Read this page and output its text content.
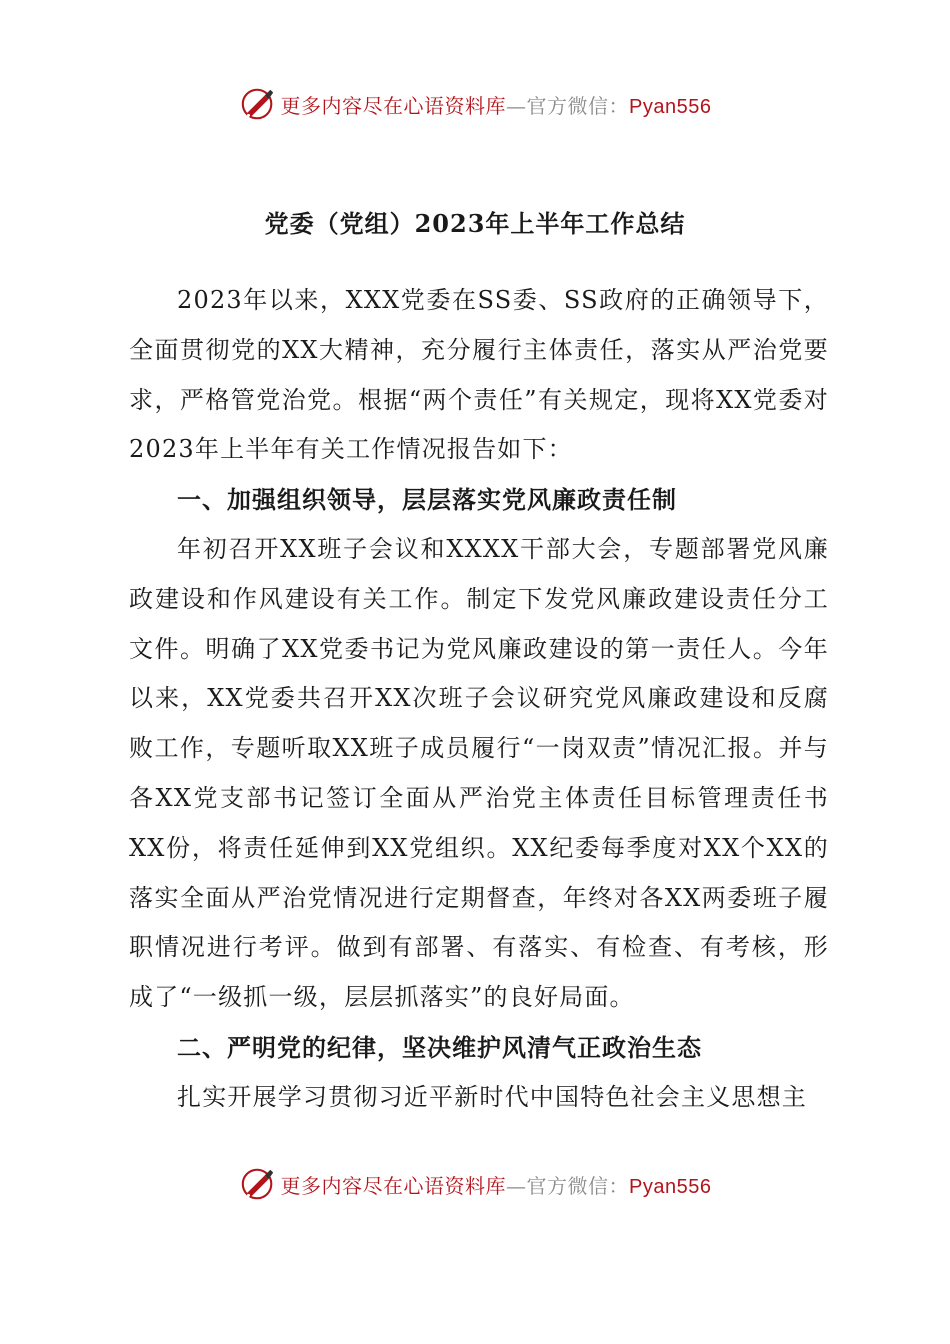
更多内容尽在心语资料库—官方微信：Pyan556
党委（党组）2023年上半年工作总结

2023年以来，XXX党委在SS委、SS政府的正确领导下，全面贯彻党的XX大精神，充分履行主体责任，落实从严治党要求，严格管党治党。根据“两个责任”有关规定，现将XX党委对2023年上半年有关工作情况报告如下：

一、加强组织领导，层层落实党风廉政责任制

年初召开XX班子会议和XXXX干部大会，专题部署党风廉政建设和作风建设有关工作。制定下发党风廉政建设责任分工文件。明确了XX党委书记为党风廉政建设的第一责任人。今年以来，XX党委共召开XX次班子会议研究党风廉政建设和反腐败工作，专题听取XX班子成员履行“一岗双责”情况汇报。并与各XX党支部书记签订全面从严治党主体责任目标管理责任书XX份，将责任延伸到XX党组织。XX纪委每季度对XX个XX的落实全面从严治党情况进行定期督查，年终对各XX两委班子履职情况进行考评。做到有部署、有落实、有检查、有考核，形成了“一级抓一级，层层抓落实”的良好局面。

二、严明党的纪律，坚决维护风清气正政治生态

扎实开展学习贯彻习近平新时代中国特色社会主义思想主

更多内容尽在心语资料库—官方微信：Pyan556
